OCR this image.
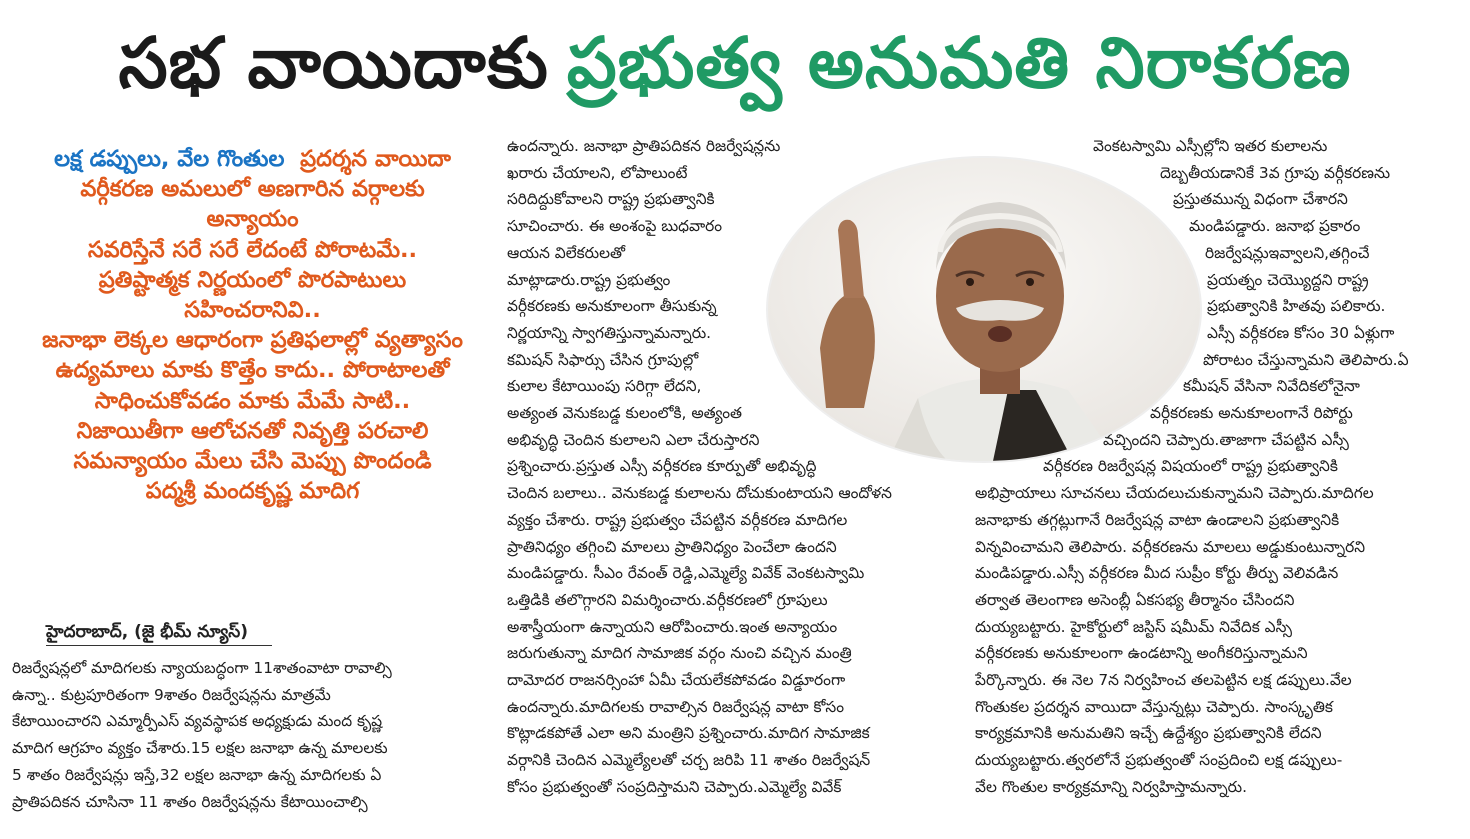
సభ వాయిదాకు ప్రభుత్వ అనుమతి నిరాకరణ
లక్ష డప్పులు, వేల గొంతుల ప్రదర్శన వాయిదా
వర్గీకరణ అమలులో అణగారిన వర్గాలకు
అన్యాయం
సవరిస్తేనే సరే సరే లేదంటే పోరాటమే..
ప్రతిష్టాత్మక నిర్ణయంలో పొరపాటులు
సహించరానివి..
జనాభా లెక్కల ఆధారంగా ప్రతిఫలాల్లో వ్యత్యాసం
ఉద్యమాలు మాకు కొత్తేం కాదు.. పోరాటాలతో
సాధించుకోవడం మాకు మేమే సాటి..
నిజాయితీగా ఆలోచనతో నివృత్తి పరచాలి
సమన్యాయం మేలు చేసి మెప్పు పొందండి
పద్మశ్రీ మందకృష్ణ మాదిగ
హైదరాబాద్, (జై భీమ్ న్యూస్)
రిజర్వేషన్లలో మాదిగలకు న్యాయబద్ధంగా 11శాతంవాటా రావాల్సి
ఉన్నా.. కుట్రపూరితంగా 9శాతం రిజర్వేషన్లను మాత్రమే
కేటాయించారని ఎమ్మార్పీఎస్ వ్యవస్థాపక అధ్యక్షుడు మంద కృష్ణ
మాదిగ ఆగ్రహం వ్యక్తం చేశారు.15 లక్షల జనాభా ఉన్న మాలలకు
5 శాతం రిజర్వేషన్లు ఇస్తే,32 లక్షల జనాభా ఉన్న మాదిగలకు ఏ
ప్రాతిపదికన చూసినా 11 శాతం రిజర్వేషన్లను కేటాయించాల్సి
ఉందన్నారు. జనాభా ప్రాతిపదికన రిజర్వేషన్లను
ఖరారు చేయాలని, లోపాలుంటే
సరిదిద్దుకోవాలని రాష్ట్ర ప్రభుత్వానికి
సూచించారు. ఈ అంశంపై బుధవారం
ఆయన విలేకరులతో
మాట్లాడారు.రాష్ట్ర ప్రభుత్వం
వర్గీకరణకు అనుకూలంగా తీసుకున్న
నిర్ణయాన్ని స్వాగతిస్తున్నామన్నారు.
కమిషన్ సిఫార్సు చేసిన గ్రూపుల్లో
కులాల కేటాయింపు సరిగ్గా లేదని,
అత్యంత వెనుకబడ్డ కులంలోకి, అత్యంత
అభివృద్ధి చెందిన కులాలని ఎలా చేరుస్తారని
ప్రశ్నించారు.ప్రస్తుత ఎస్సీ వర్గీకరణ కూర్పుతో అభివృద్ధి
చెందిన బలాలు.. వెనుకబడ్డ కులాలను దోచుకుంటాయని ఆందోళన
వ్యక్తం చేశారు. రాష్ట్ర ప్రభుత్వం చేపట్టిన వర్గీకరణ మాదిగల
ప్రాతినిధ్యం తగ్గించి మాలలు ప్రాతినిధ్యం పెంచేలా ఉందని
మండిపడ్డారు. సీఎం రేవంత్ రెడ్డి,ఎమ్మెల్యే వివేక్ వెంకటస్వామి
ఒత్తిడికి తలొగ్గారని విమర్శించారు.వర్గీకరణలో గ్రూపులు
అశాస్త్రీయంగా ఉన్నాయని ఆరోపించారు.ఇంత అన్యాయం
జరుగుతున్నా మాదిగ సామాజిక వర్గం నుంచి వచ్చిన మంత్రి
దామోదర రాజనర్సింహా ఏమీ చేయలేకపోవడం విడ్డూరంగా
ఉందన్నారు.మాదిగలకు రావాల్సిన రిజర్వేషన్ల వాటా కోసం
కొట్లాడకపోతే ఎలా అని మంత్రిని ప్రశ్నించారు.మాదిగ సామాజిక
వర్గానికి చెందిన ఎమ్మెల్యేలతో చర్చ జరిపి 11 శాతం రిజర్వేషన్
కోసం ప్రభుత్వంతో సంప్రదిస్తామని చెప్పారు.ఎమ్మెల్యే వివేక్
వెంకటస్వామి ఎస్సీల్లోని ఇతర కులాలను
దెబ్బతీయడానికే 3వ గ్రూపు వర్గీకరణను
ప్రస్తుతమున్న విధంగా చేశారని
మండిపడ్డారు. జనాభ ప్రకారం
రిజర్వేషన్లుఇవ్వాలని,తగ్గించే
ప్రయత్నం చెయ్యొద్దని రాష్ట్ర
ప్రభుత్వానికి హితవు పలికారు.
ఎస్సీ వర్గీకరణ కోసం 30 ఏళ్లుగా
పోరాటం చేస్తున్నామని తెలిపారు.ఏ
కమీషన్ వేసినా నివేదికలోనైనా
వర్గీకరణకు అనుకూలంగానే రిపోర్టు
వచ్చిందని చెప్పారు.తాజాగా చేపట్టిన ఎస్సీ
వర్గీకరణ రిజర్వేషన్ల విషయంలో రాష్ట్ర ప్రభుత్వానికి
అభిప్రాయాలు సూచనలు చేయదలుచుకున్నామని చెప్పారు.మాదిగల
జనాభాకు తగ్గట్లుగానే రిజర్వేషన్ల వాటా ఉండాలని ప్రభుత్వానికి
విన్నవించామని తెలిపారు. వర్గీకరణను మాలలు అడ్డుకుంటున్నారని
మండిపడ్డారు.ఎస్సీ వర్గీకరణ మీద సుప్రీం కోర్టు తీర్పు వెలివడిన
తర్వాత తెలంగాణ అసెంబ్లీ ఏకసభ్య తీర్మానం చేసిందని
దుయ్యబట్టారు. హైకోర్టులో జస్టిస్ షమీమ్ నివేదిక ఎస్సీ
వర్గీకరణకు అనుకూలంగా ఉండటాన్ని అంగీకరిస్తున్నామని
పేర్కొన్నారు. ఈ నెల 7న నిర్వహించ తలపెట్టిన లక్ష డప్పులు.వేల
గొంతుకల ప్రదర్శన వాయిదా వేస్తున్నట్లు చెప్పారు. సాంస్కృతిక
కార్యక్రమానికి అనుమతిని ఇచ్చే ఉద్దేశ్యం ప్రభుత్వానికి లేదని
దుయ్యబట్టారు.త్వరలోనే ప్రభుత్వంతో సంప్రదించి లక్ష డప్పులు-
వేల గొంతుల కార్యక్రమాన్ని నిర్వహిస్తామన్నారు.
